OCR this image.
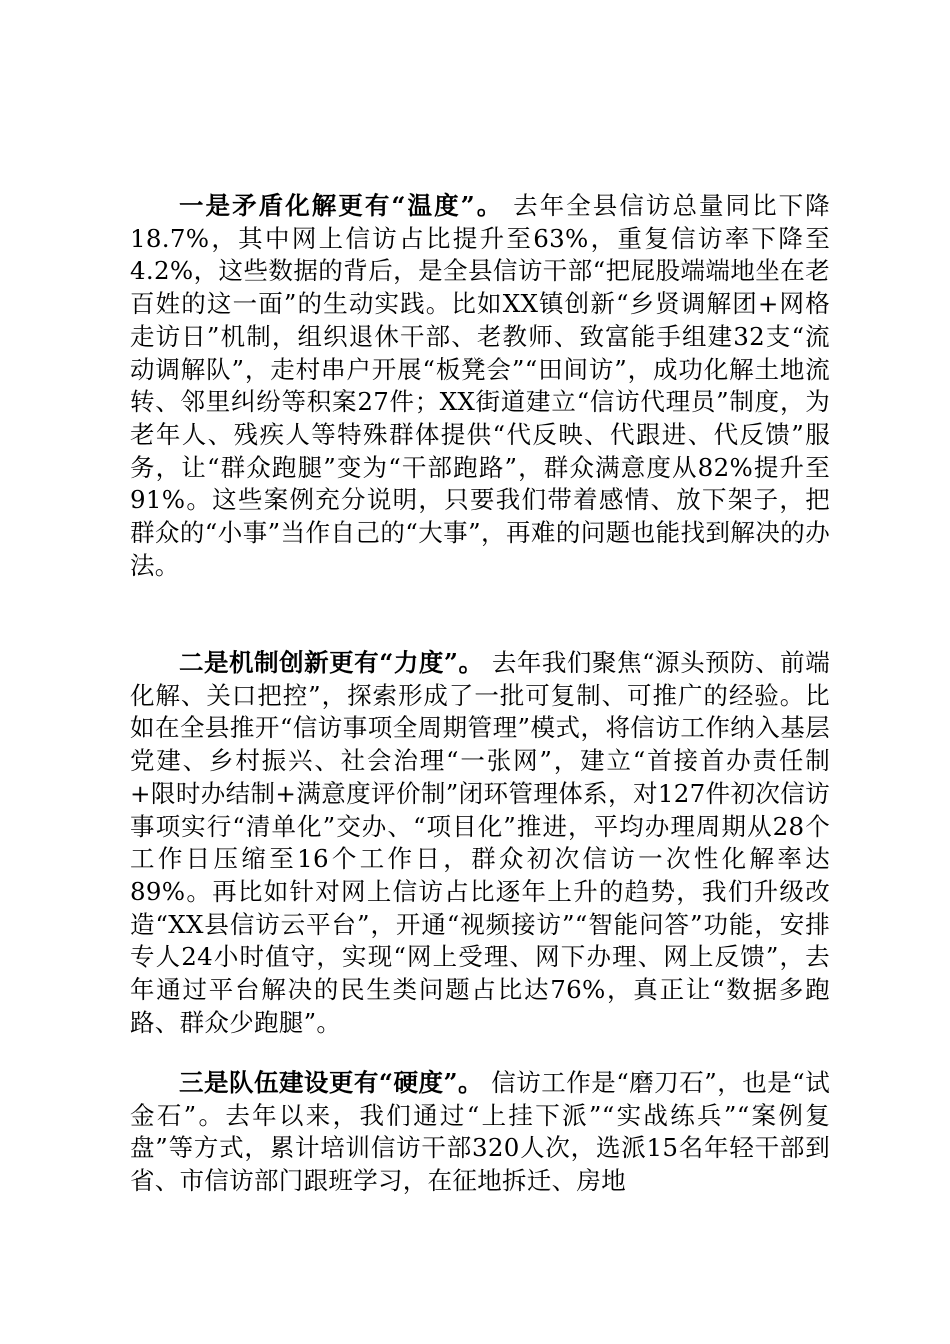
一是矛盾化解更有“温度”。 去年全县信访总量同比下降18.7%，其中网上信访占比提升至63%，重复信访率下降至4.2%，这些数据的背后，是全县信访干部“把屁股端端地坐在老百姓的这一面”的生动实践。比如XX镇创新“乡贤调解团+网格走访日”机制，组织退休干部、老教师、致富能手组建32支“流动调解队”，走村串户开展“板凳会”“田间访”，成功化解土地流转、邻里纠纷等积案27件；XX街道建立“信访代理员”制度，为老年人、残疾人等特殊群体提供“代反映、代跟进、代反馈”服务，让“群众跑腿”变为“干部跑路”，群众满意度从82%提升至91%。这些案例充分说明，只要我们带着感情、放下架子，把群众的“小事”当作自己的“大事”，再难的问题也能找到解决的办法。

二是机制创新更有“力度”。 去年我们聚焦“源头预防、前端化解、关口把控”，探索形成了一批可复制、可推广的经验。比如在全县推开“信访事项全周期管理”模式，将信访工作纳入基层党建、乡村振兴、社会治理“一张网”，建立“首接首办责任制+限时办结制+满意度评价制”闭环管理体系，对127件初次信访事项实行“清单化”交办、“项目化”推进，平均办理周期从28个工作日压缩至16个工作日，群众初次信访一次性化解率达89%。再比如针对网上信访占比逐年上升的趋势，我们升级改造“XX县信访云平台”，开通“视频接访”“智能问答”功能，安排专人24小时值守，实现“网上受理、网下办理、网上反馈”，去年通过平台解决的民生类问题占比达76%，真正让“数据多跑路、群众少跑腿”。

三是队伍建设更有“硬度”。 信访工作是“磨刀石”，也是“试金石”。去年以来，我们通过“上挂下派”“实战练兵”“案例复盘”等方式，累计培训信访干部320人次，选派15名年轻干部到省、市信访部门跟班学习，在征地拆迁、房地
